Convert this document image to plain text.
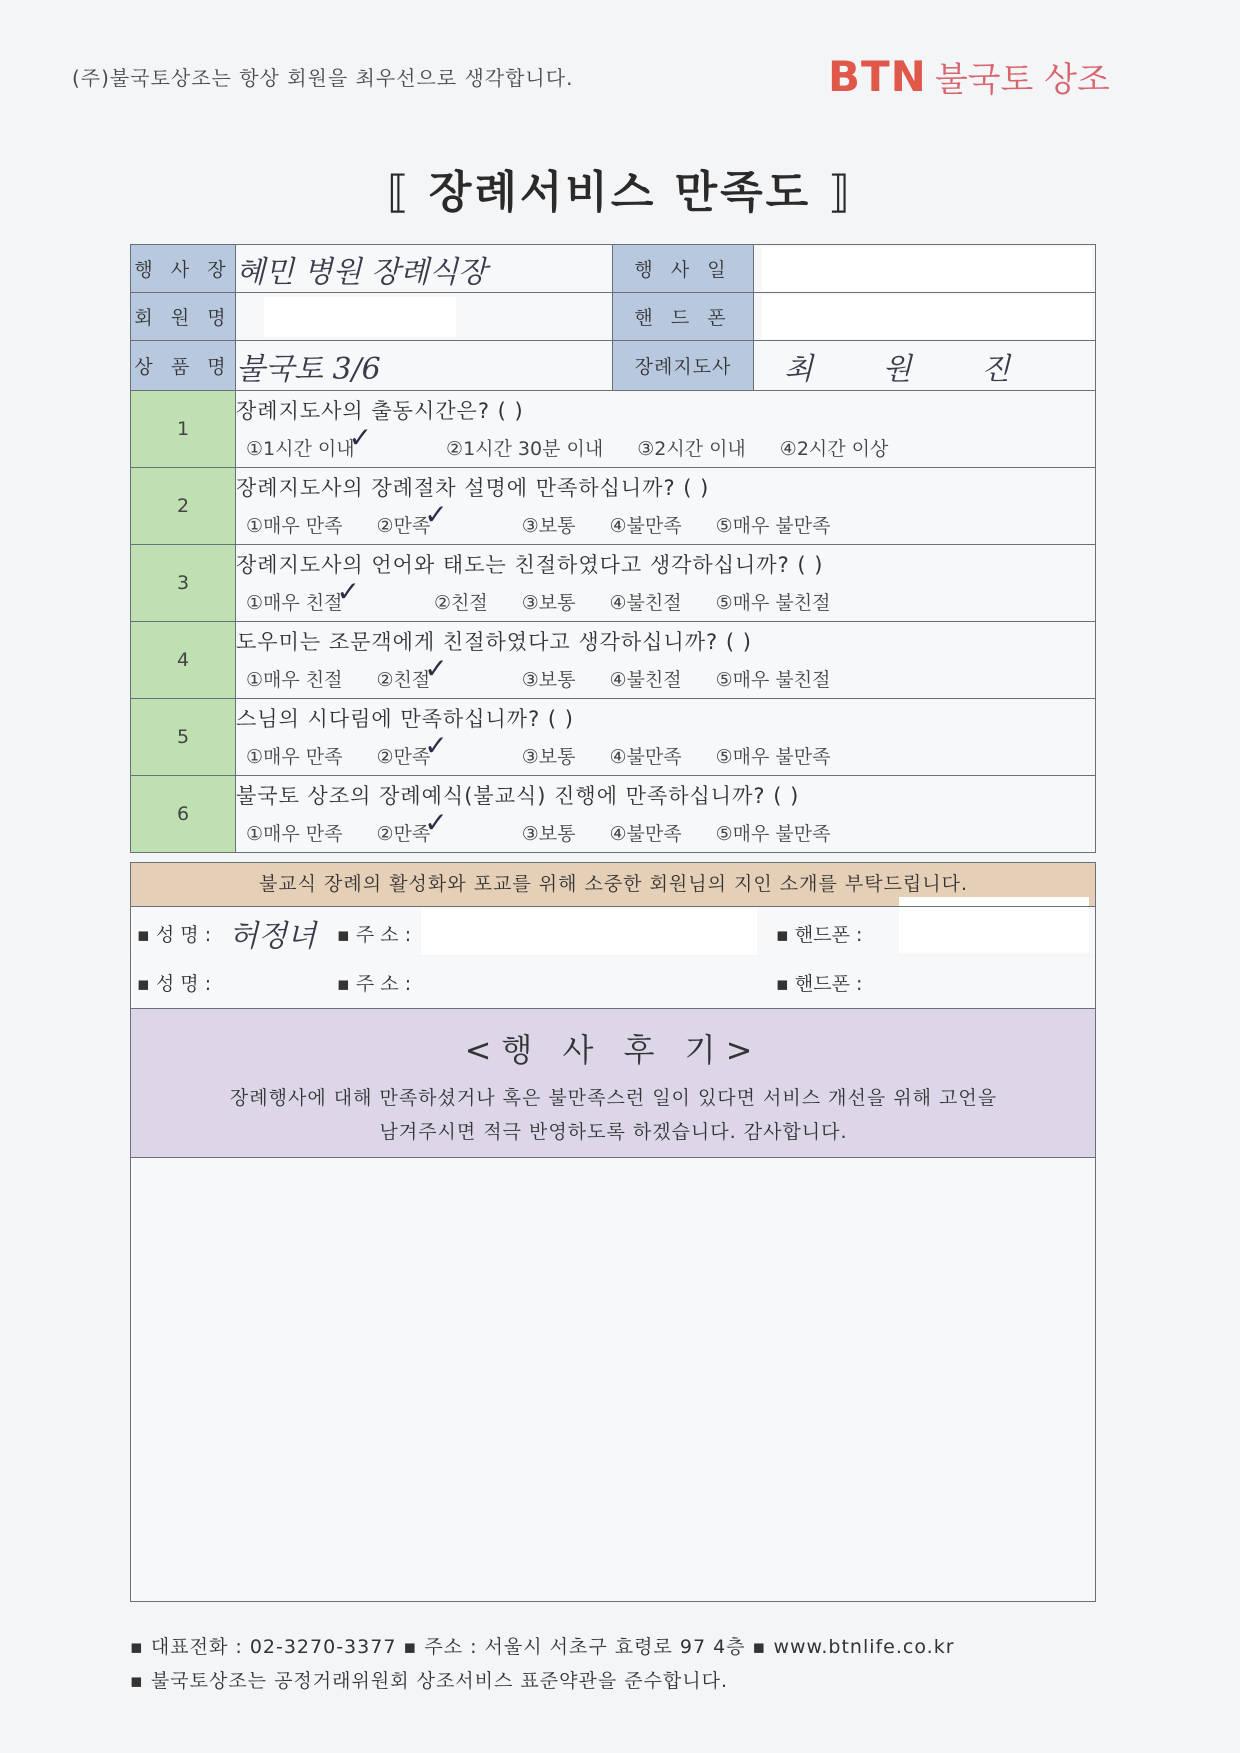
(주)불국토상조는 항상 회원을 최우선으로 생각합니다.	BTN 불국토 상조
⟦ 장례서비스 만족도 ⟧
행 사 장	혜민 병원 장례식장	행 사 일	
회 원 명		핸 드 폰	
상 품 명	불국토 3/6	장례지도사	최 원 진
1	장례지도사의 출동시간은? ( )
①1시간 이내✓ ②1시간 30분 이내 ③2시간 이내 ④2시간 이상		

2	장례지도사의 장례절차 설명에 만족하십니까? ( )
①매우 만족 ②만족✓ ③보통 ④불만족 ⑤매우 불만족		

3	장례지도사의 언어와 태도는 친절하였다고 생각하십니까? ( )
①매우 친절✓ ②친절 ③보통 ④불친절 ⑤매우 불친절		

4	도우미는 조문객에게 친절하였다고 생각하십니까? ( )
①매우 친절 ②친절✓ ③보통 ④불친절 ⑤매우 불친절		

5	스님의 시다림에 만족하십니까? ( )
①매우 만족 ②만족✓ ③보통 ④불만족 ⑤매우 불만족		

6	불국토 상조의 장례예식(불교식) 진행에 만족하십니까? ( )
①매우 만족 ②만족✓ ③보통 ④불만족 ⑤매우 불만족		
불교식 장례의 활성화와 포교를 위해 소중한 회원님의 지인 소개를 부탁드립니다.
▪ 성 명 : 허정녀 ▪ 주 소 :	▪ 핸드폰 :
▪ 성 명 :	▪ 주 소 :	▪ 핸드폰 :
<행 사 후 기>
장례행사에 대해 만족하셨거나 혹은 불만족스런 일이 있다면 서비스 개선을 위해 고언을
남겨주시면 적극 반영하도록 하겠습니다. 감사합니다.
▪ 대표전화 : 02-3270-3377 ▪ 주소 : 서울시 서초구 효령로 97 4층 ▪ www.btnlife.co.kr
▪ 불국토상조는 공정거래위원회 상조서비스 표준약관을 준수합니다.
